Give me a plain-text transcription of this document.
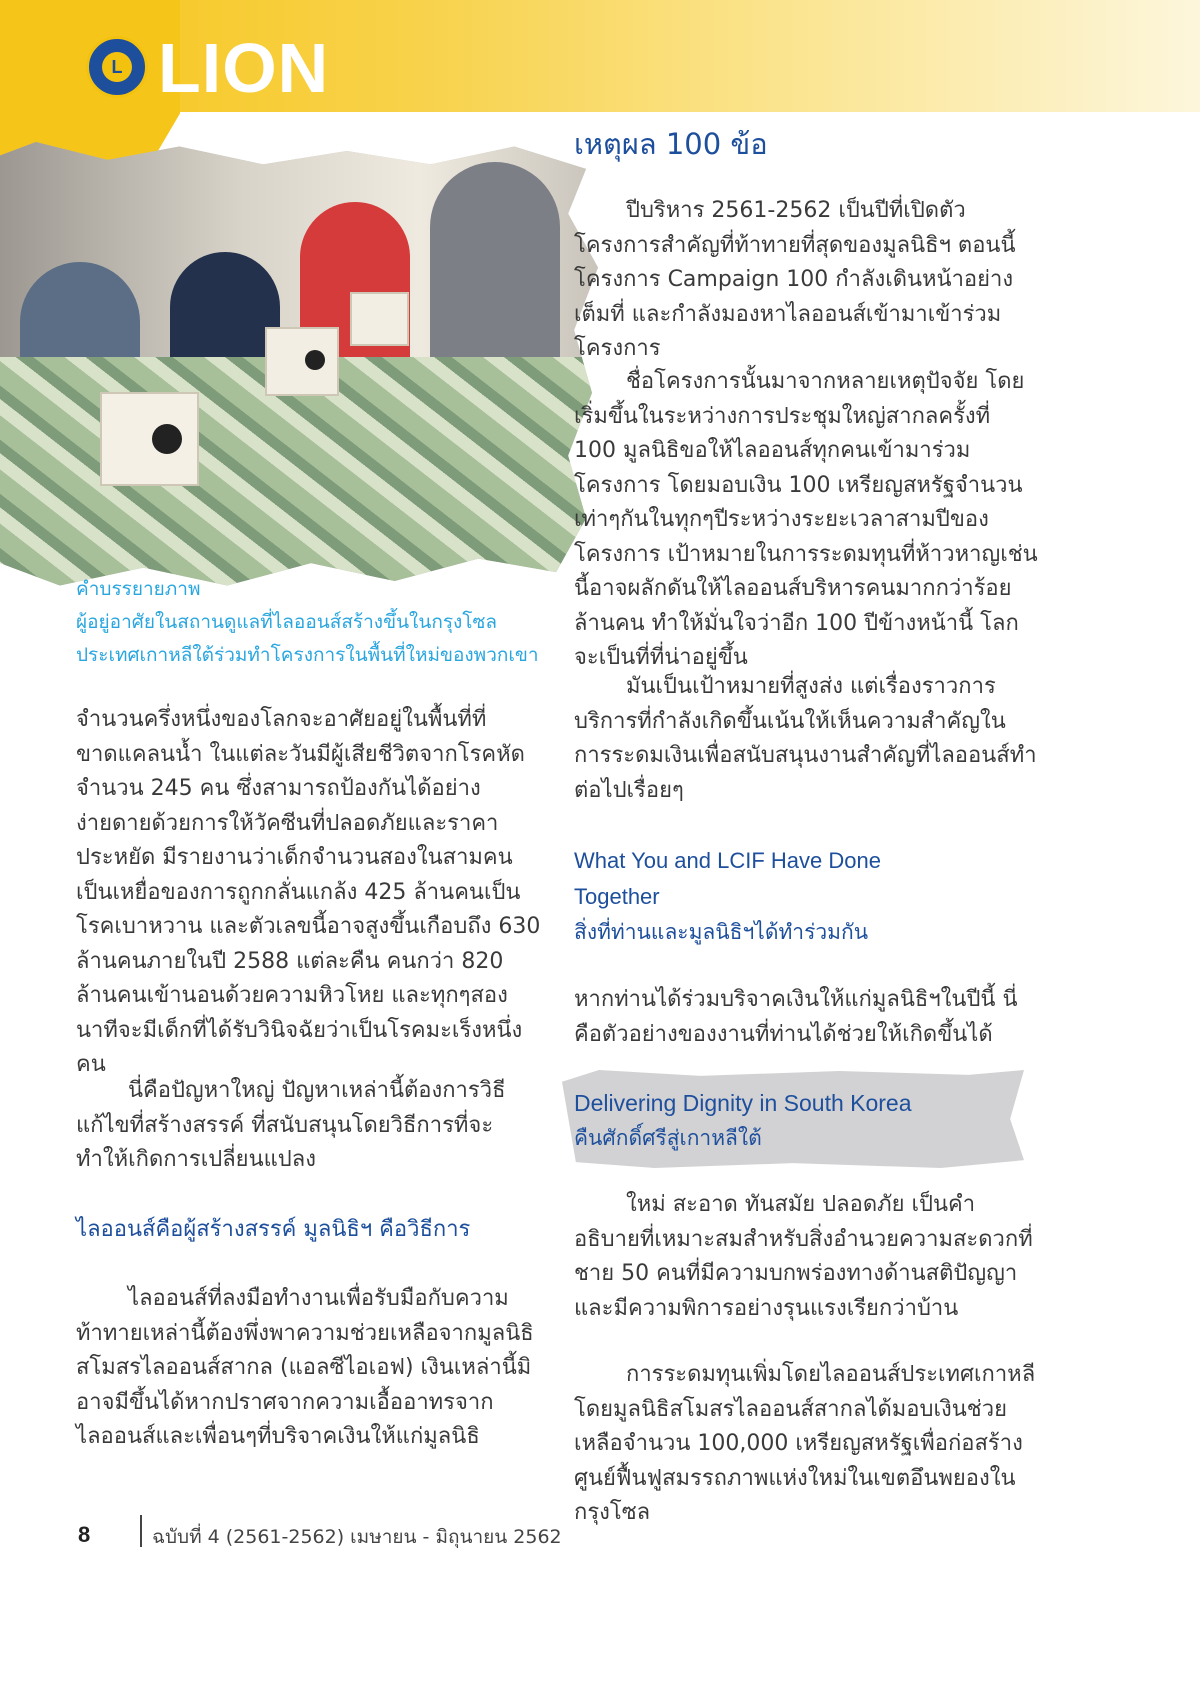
L LION
คำบรรยายภาพ
ผู้อยู่อาศัยในสถานดูแลที่ไลออนส์สร้างขึ้นในกรุงโซล
ประเทศเกาหลีใต้ร่วมทำโครงการในพื้นที่ใหม่ของพวกเขา

จำนวนครึ่งหนึ่งของโลกจะอาศัยอยู่ในพื้นที่ที่ขาดแคลนน้ำ ในแต่ละวันมีผู้เสียชีวิตจากโรคหัดจำนวน 245 คน ซึ่งสามารถป้องกันได้อย่างง่ายดายด้วยการให้วัคซีนที่ปลอดภัยและราคาประหยัด มีรายงานว่าเด็กจำนวนสองในสามคนเป็นเหยื่อของการถูกกลั่นแกล้ง 425 ล้านคนเป็นโรคเบาหวาน และตัวเลขนี้อาจสูงขึ้นเกือบถึง 630 ล้านคนภายในปี 2588 แต่ละคืน คนกว่า 820 ล้านคนเข้านอนด้วยความหิวโหย และทุกๆสองนาทีจะมีเด็กที่ได้รับวินิจฉัยว่าเป็นโรคมะเร็งหนึ่งคน

นี่คือปัญหาใหญ่ ปัญหาเหล่านี้ต้องการวิธีแก้ไขที่สร้างสรรค์ ที่สนับสนุนโดยวิธีการที่จะทำให้เกิดการเปลี่ยนแปลง

ไลออนส์คือผู้สร้างสรรค์ มูลนิธิฯ คือวิธีการ

ไลออนส์ที่ลงมือทำงานเพื่อรับมือกับความท้าทายเหล่านี้ต้องพึ่งพาความช่วยเหลือจากมูลนิธิสโมสรไลออนส์สากล (แอลซีไอเอฟ) เงินเหล่านี้มิอาจมีขึ้นได้หากปราศจากความเอื้ออาทรจากไลออนส์และเพื่อนๆที่บริจาคเงินให้แก่มูลนิธิ

เหตุผล 100 ข้อ

ปีบริหาร 2561-2562 เป็นปีที่เปิดตัวโครงการสำคัญที่ท้าทายที่สุดของมูลนิธิฯ ตอนนี้โครงการ Campaign 100 กำลังเดินหน้าอย่างเต็มที่ และกำลังมองหาไลออนส์เข้ามาเข้าร่วมโครงการ

ชื่อโครงการนั้นมาจากหลายเหตุปัจจัย โดยเริ่มขึ้นในระหว่างการประชุมใหญ่สากลครั้งที่ 100 มูลนิธิขอให้ไลออนส์ทุกคนเข้ามาร่วมโครงการ โดยมอบเงิน 100 เหรียญสหรัฐจำนวนเท่าๆกันในทุกๆปีระหว่างระยะเวลาสามปีของโครงการ เป้าหมายในการระดมทุนที่ห้าวหาญเช่นนี้อาจผลักดันให้ไลออนส์บริหารคนมากกว่าร้อยล้านคน ทำให้มั่นใจว่าอีก 100 ปีข้างหน้านี้ โลกจะเป็นที่ที่น่าอยู่ขึ้น

มันเป็นเป้าหมายที่สูงส่ง แต่เรื่องราวการบริการที่กำลังเกิดขึ้นเน้นให้เห็นความสำคัญในการระดมเงินเพื่อสนับสนุนงานสำคัญที่ไลออนส์ทำต่อไปเรื่อยๆ

What You and LCIF Have Done
Together
สิ่งที่ท่านและมูลนิธิฯได้ทำร่วมกัน

หากท่านได้ร่วมบริจาคเงินให้แก่มูลนิธิฯในปีนี้ นี่คือตัวอย่างของงานที่ท่านได้ช่วยให้เกิดขึ้นได้

Delivering Dignity in South Korea
คืนศักดิ์ศรีสู่เกาหลีใต้

ใหม่ สะอาด ทันสมัย ปลอดภัย เป็นคำอธิบายที่เหมาะสมสำหรับสิ่งอำนวยความสะดวกที่ชาย 50 คนที่มีความบกพร่องทางด้านสติปัญญาและมีความพิการอย่างรุนแรงเรียกว่าบ้าน

การระดมทุนเพิ่มโดยไลออนส์ประเทศเกาหลีโดยมูลนิธิสโมสรไลออนส์สากลได้มอบเงินช่วยเหลือจำนวน 100,000 เหรียญสหรัฐเพื่อก่อสร้างศูนย์ฟื้นฟูสมรรถภาพแห่งใหม่ในเขตอึนพยองในกรุงโซล

8	ฉบับที่ 4 (2561-2562) เมษายน - มิถุนายน 2562
